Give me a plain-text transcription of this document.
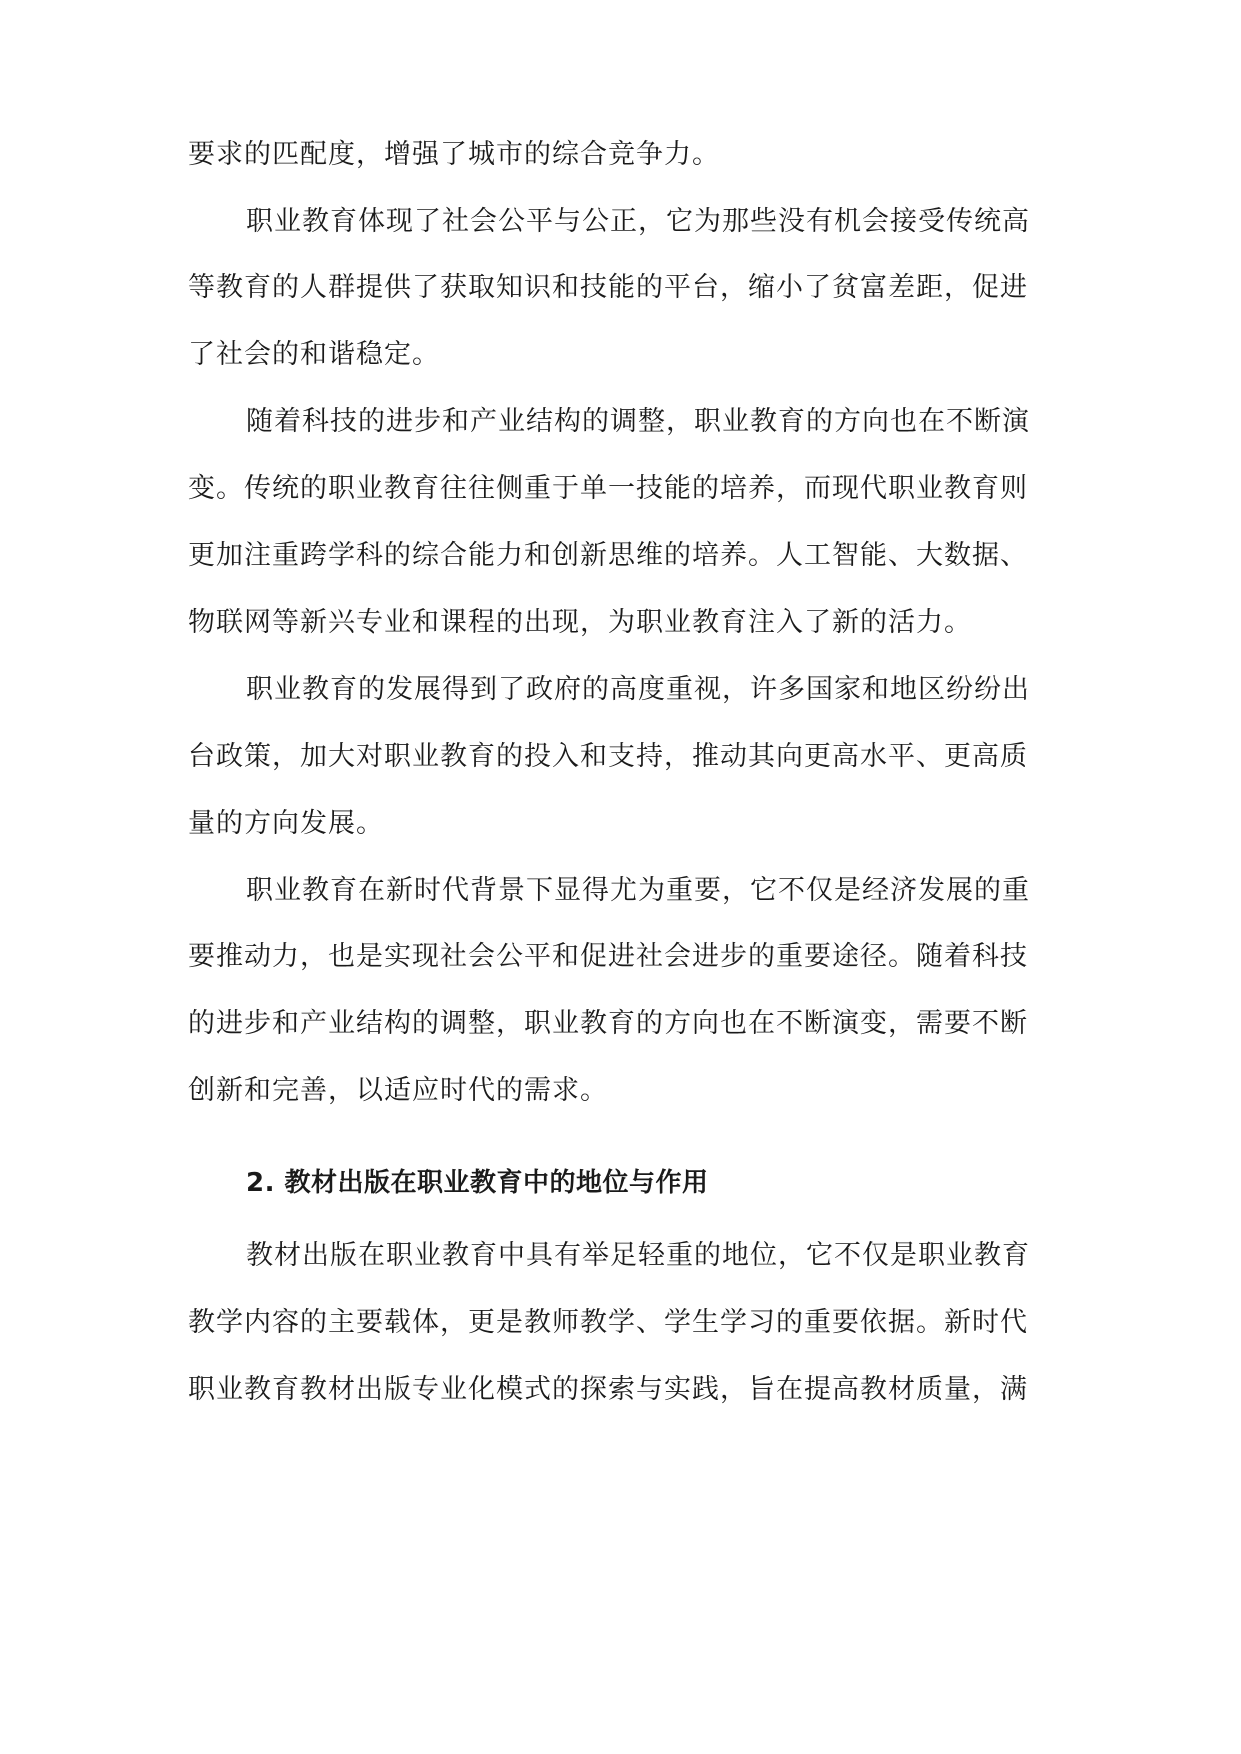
要求的匹配度，增强了城市的综合竞争力。
职业教育体现了社会公平与公正，它为那些没有机会接受传统高
等教育的人群提供了获取知识和技能的平台，缩小了贫富差距，促进
了社会的和谐稳定。
随着科技的进步和产业结构的调整，职业教育的方向也在不断演
变。传统的职业教育往往侧重于单一技能的培养，而现代职业教育则
更加注重跨学科的综合能力和创新思维的培养。人工智能、大数据、
物联网等新兴专业和课程的出现，为职业教育注入了新的活力。
职业教育的发展得到了政府的高度重视，许多国家和地区纷纷出
台政策，加大对职业教育的投入和支持，推动其向更高水平、更高质
量的方向发展。
职业教育在新时代背景下显得尤为重要，它不仅是经济发展的重
要推动力，也是实现社会公平和促进社会进步的重要途径。随着科技
的进步和产业结构的调整，职业教育的方向也在不断演变，需要不断
创新和完善，以适应时代的需求。
2. 教材出版在职业教育中的地位与作用
教材出版在职业教育中具有举足轻重的地位，它不仅是职业教育
教学内容的主要载体，更是教师教学、学生学习的重要依据。新时代
职业教育教材出版专业化模式的探索与实践，旨在提高教材质量，满
